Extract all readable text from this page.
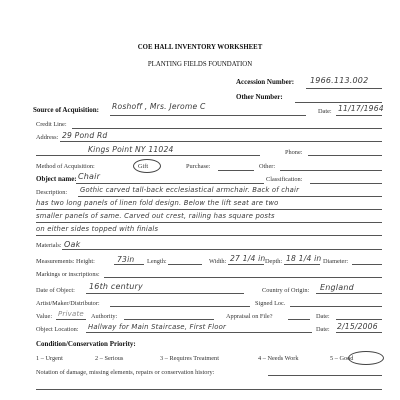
COE HALL INVENTORY WORKSHEET
PLANTING FIELDS FOUNDATION
Accession Number: 1966.113.002
Other Number:
Source of Acquisition: Roshoff , Mrs. Jerome C
Date: 11/17/1964
Credit Line:
Address: 29 Pond Rd
Kings Point NY 11024	Phone:
Method of Acquisition:	Gift	Purchase:	Other:
Object name: Chair	Classification:
Description: Gothic carved tall-back ecclesiastical armchair. Back of chair
has two long panels of linen fold design. Below the lift seat are two
smaller panels of same. Carved out crest, railing has square posts
on either sides topped with finials
Materials: Oak
Measurements: Height:	73in Length:	Width: 27 1/4 in Depth: 18 1/4 in Diameter:
Markings or inscriptions:
Date of Object: 16th century	Country of Origin: England
Artist/Maker/Distributor:	Signed Loc.
Value: Private Authority:	Appraisal on File?	Date:
Object Location: Hallway for Main Staircase, First Floor	Date: 2/15/2006
Condition/Conservation Priority:
1 – Urgent	2 – Serious	3 – Requires Treatment	4 – Needs Work	5 – Good
Notation of damage, missing elements, repairs or conservation history:
